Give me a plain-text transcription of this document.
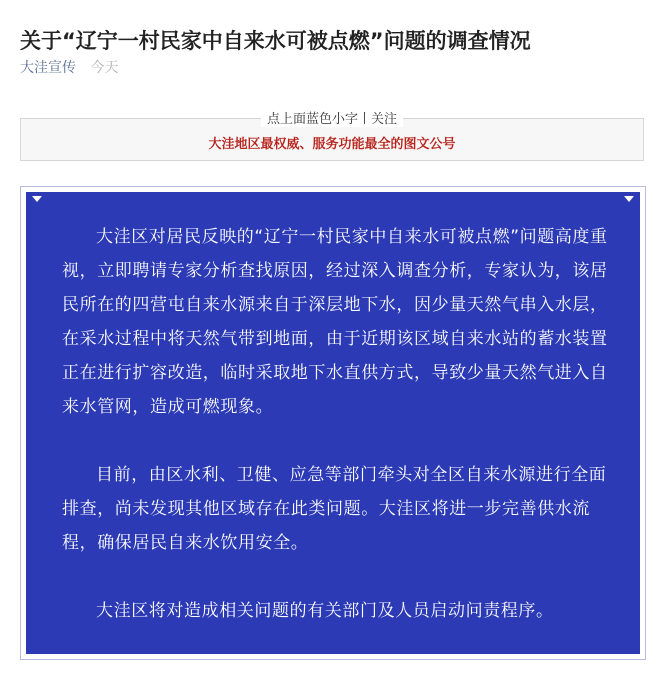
关于“辽宁一村民家中自来水可被点燃”问题的调查情况
大洼宣传 今天
点上面蓝色小字丨关注
大洼地区最权威、服务功能最全的图文公号

大洼区对居民反映的“辽宁一村民家中自来水可被点燃”问题高度重视，立即聘请专家分析查找原因，经过深入调查分析，专家认为，该居民所在的四营屯自来水源来自于深层地下水，因少量天然气串入水层，在采水过程中将天然气带到地面，由于近期该区域自来水站的蓄水装置正在进行扩容改造，临时采取地下水直供方式，导致少量天然气进入自来水管网，造成可燃现象。

目前，由区水利、卫健、应急等部门牵头对全区自来水源进行全面排查，尚未发现其他区域存在此类问题。大洼区将进一步完善供水流程，确保居民自来水饮用安全。

大洼区将对造成相关问题的有关部门及人员启动问责程序。
